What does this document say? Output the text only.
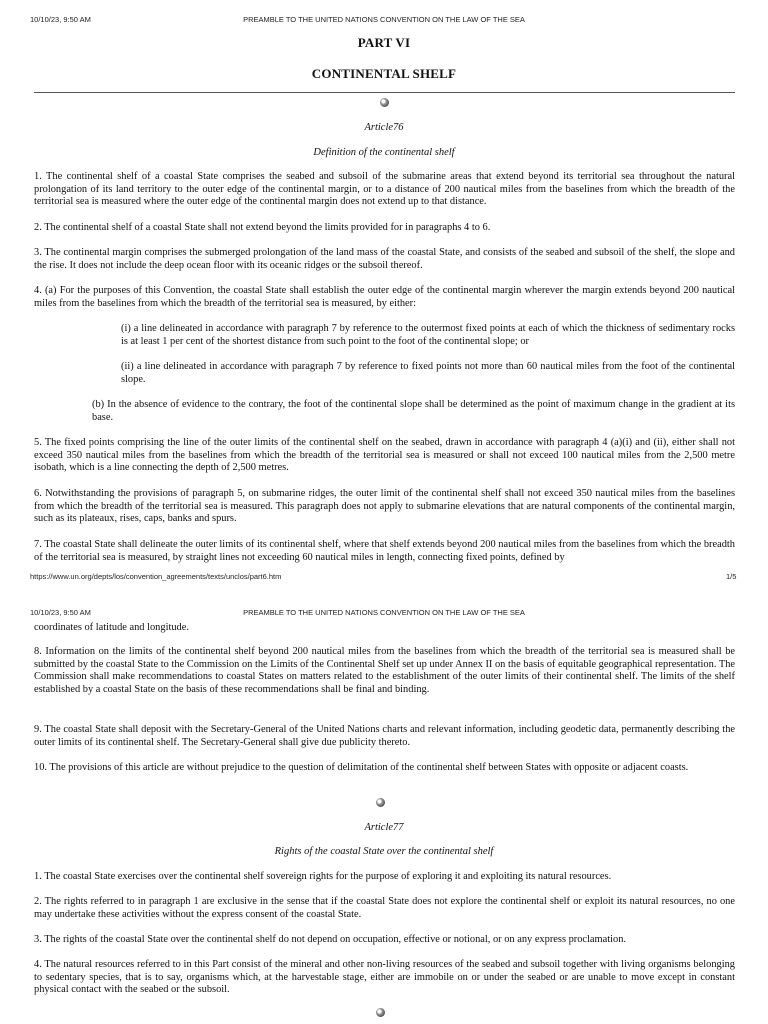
10/10/23, 9:50 AM	PREAMBLE TO THE UNITED NATIONS CONVENTION ON THE LAW OF THE SEA
PART VI
CONTINENTAL SHELF
Article76
Definition of the continental shelf
1. The continental shelf of a coastal State comprises the seabed and subsoil of the submarine areas that extend beyond its territorial sea throughout the natural prolongation of its land territory to the outer edge of the continental margin, or to a distance of 200 nautical miles from the baselines from which the breadth of the territorial sea is measured where the outer edge of the continental margin does not extend up to that distance.
2. The continental shelf of a coastal State shall not extend beyond the limits provided for in paragraphs 4 to 6.
3. The continental margin comprises the submerged prolongation of the land mass of the coastal State, and consists of the seabed and subsoil of the shelf, the slope and the rise. It does not include the deep ocean floor with its oceanic ridges or the subsoil thereof.
4. (a) For the purposes of this Convention, the coastal State shall establish the outer edge of the continental margin wherever the margin extends beyond 200 nautical miles from the baselines from which the breadth of the territorial sea is measured, by either:
(i) a line delineated in accordance with paragraph 7 by reference to the outermost fixed points at each of which the thickness of sedimentary rocks is at least 1 per cent of the shortest distance from such point to the foot of the continental slope; or
(ii) a line delineated in accordance with paragraph 7 by reference to fixed points not more than 60 nautical miles from the foot of the continental slope.
(b) In the absence of evidence to the contrary, the foot of the continental slope shall be determined as the point of maximum change in the gradient at its base.
5. The fixed points comprising the line of the outer limits of the continental shelf on the seabed, drawn in accordance with paragraph 4 (a)(i) and (ii), either shall not exceed 350 nautical miles from the baselines from which the breadth of the territorial sea is measured or shall not exceed 100 nautical miles from the 2,500 metre isobath, which is a line connecting the depth of 2,500 metres.
6. Notwithstanding the provisions of paragraph 5, on submarine ridges, the outer limit of the continental shelf shall not exceed 350 nautical miles from the baselines from which the breadth of the territorial sea is measured. This paragraph does not apply to submarine elevations that are natural components of the continental margin, such as its plateaux, rises, caps, banks and spurs.
7. The coastal State shall delineate the outer limits of its continental shelf, where that shelf extends beyond 200 nautical miles from the baselines from which the breadth of the territorial sea is measured, by straight lines not exceeding 60 nautical miles in length, connecting fixed points, defined by
https://www.un.org/depts/los/convention_agreements/texts/unclos/part6.htm	1/5
10/10/23, 9:50 AM	PREAMBLE TO THE UNITED NATIONS CONVENTION ON THE LAW OF THE SEA
coordinates of latitude and longitude.
8. Information on the limits of the continental shelf beyond 200 nautical miles from the baselines from which the breadth of the territorial sea is measured shall be submitted by the coastal State to the Commission on the Limits of the Continental Shelf set up under Annex II on the basis of equitable geographical representation. The Commission shall make recommendations to coastal States on matters related to the establishment of the outer limits of their continental shelf. The limits of the shelf established by a coastal State on the basis of these recommendations shall be final and binding.
9. The coastal State shall deposit with the Secretary-General of the United Nations charts and relevant information, including geodetic data, permanently describing the outer limits of its continental shelf. The Secretary-General shall give due publicity thereto.
10. The provisions of this article are without prejudice to the question of delimitation of the continental shelf between States with opposite or adjacent coasts.
Article77
Rights of the coastal State over the continental shelf
1. The coastal State exercises over the continental shelf sovereign rights for the purpose of exploring it and exploiting its natural resources.
2. The rights referred to in paragraph 1 are exclusive in the sense that if the coastal State does not explore the continental shelf or exploit its natural resources, no one may undertake these activities without the express consent of the coastal State.
3. The rights of the coastal State over the continental shelf do not depend on occupation, effective or notional, or on any express proclamation.
4. The natural resources referred to in this Part consist of the mineral and other non-living resources of the seabed and subsoil together with living organisms belonging to sedentary species, that is to say, organisms which, at the harvestable stage, either are immobile on or under the seabed or are unable to move except in constant physical contact with the seabed or the subsoil.
